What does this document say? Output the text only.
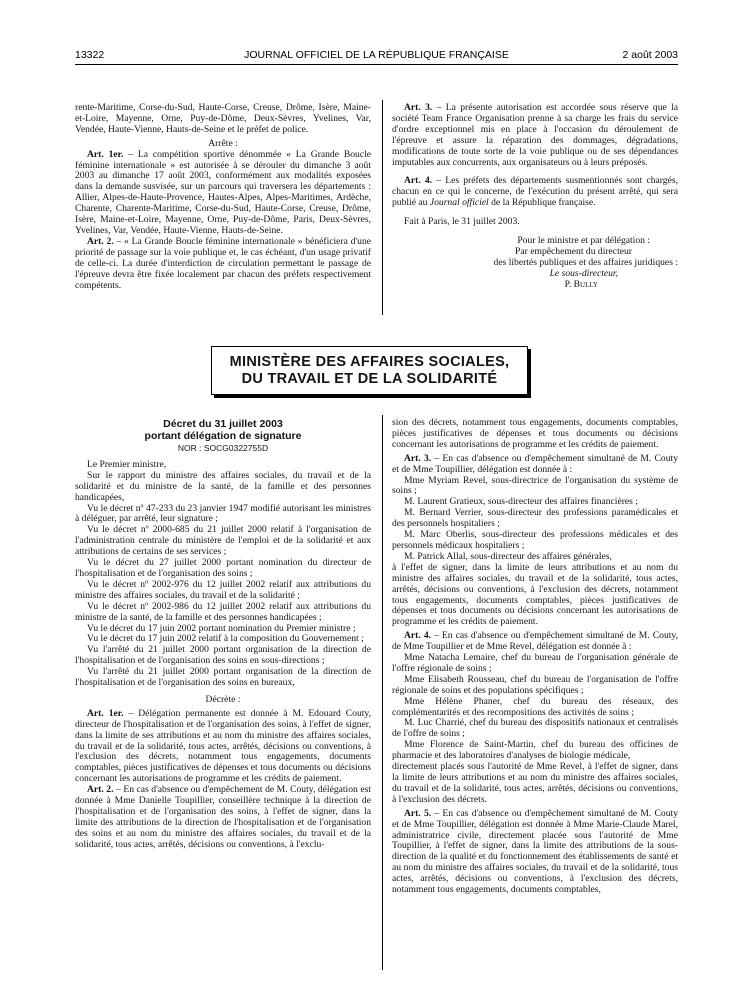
13322	JOURNAL OFFICIEL DE LA RÉPUBLIQUE FRANÇAISE	2 août 2003

rente-Maritime, Corse-du-Sud, Haute-Corse, Creuse, Drôme, Isère, Maine-et-Loire, Mayenne, Orne, Puy-de-Dôme, Deux-Sèvres, Yvelines, Var, Vendée, Haute-Vienne, Hauts-de-Seine et le préfet de police.

Arrête :

Art. 1er. – La compétition sportive dénommée « La Grande Boucle féminine internationale » est autorisée à se dérouler du dimanche 3 août 2003 au dimanche 17 août 2003, conformément aux modalités exposées dans la demande susvisée, sur un parcours qui traversera les départements : Allier, Alpes-de-Haute-Provence, Hautes-Alpes, Alpes-Maritimes, Ardèche, Charente, Charente-Maritime, Corse-du-Sud, Haute-Corse, Creuse, Drôme, Isère, Maine-et-Loire, Mayenne, Orne, Puy-de-Dôme, Paris, Deux-Sèvres, Yvelines, Var, Vendée, Haute-Vienne, Hauts-de-Seine.

Art. 2. – « La Grande Boucle féminine internationale » bénéficiera d'une priorité de passage sur la voie publique et, le cas échéant, d'un usage privatif de celle-ci. La durée d'interdiction de circulation permettant le passage de l'épreuve devra être fixée localement par chacun des préfets respectivement compétents.

Art. 3. – La présente autorisation est accordée sous réserve que la société Team France Organisation prenne à sa charge les frais du service d'ordre exceptionnel mis en place à l'occasion du déroulement de l'épreuve et assure la réparation des dommages, dégradations, modifications de toute sorte de la voie publique ou de ses dépendances imputables aux concurrents, aux organisateurs ou à leurs préposés.

Art. 4. – Les préfets des départements susmentionnés sont chargés, chacun en ce qui le concerne, de l'exécution du présent arrêté, qui sera publié au Journal officiel de la République française.

Fait à Paris, le 31 juillet 2003.

Pour le ministre et par délégation :

Par empêchement du directeur

des libertés publiques et des affaires juridiques :

Le sous-directeur,

P. Bully

MINISTÈRE DES AFFAIRES SOCIALES,
DU TRAVAIL ET DE LA SOLIDARITÉ
Décret du 31 juillet 2003
portant délégation de signature
NOR : SOCG0322755D

Le Premier ministre,

Sur le rapport du ministre des affaires sociales, du travail et de la solidarité et du ministre de la santé, de la famille et des personnes handicapées,

Vu le décret nº 47-233 du 23 janvier 1947 modifié autorisant les ministres à déléguer, par arrêté, leur signature ;

Vu le décret nº 2000-685 du 21 juillet 2000 relatif à l'organisation de l'administration centrale du ministère de l'emploi et de la solidarité et aux attributions de certains de ses services ;

Vu le décret du 27 juillet 2000 portant nomination du directeur de l'hospitalisation et de l'organisation des soins ;

Vu le décret nº 2002-976 du 12 juillet 2002 relatif aux attributions du ministre des affaires sociales, du travail et de la solidarité ;

Vu le décret nº 2002-986 du 12 juillet 2002 relatif aux attributions du ministre de la santé, de la famille et des personnes handicapées ;

Vu le décret du 17 juin 2002 portant nomination du Premier ministre ;

Vu le décret du 17 juin 2002 relatif à la composition du Gouvernement ;

Vu l'arrêté du 21 juillet 2000 portant organisation de la direction de l'hospitalisation et de l'organisation des soins en sous-directions ;

Vu l'arrêté du 21 juillet 2000 portant organisation de la direction de l'hospitalisation et de l'organisation des soins en bureaux,

Décrète :

Art. 1er. – Délégation permanente est donnée à M. Edouard Couty, directeur de l'hospitalisation et de l'organisation des soins, à l'effet de signer, dans la limite de ses attributions et au nom du ministre des affaires sociales, du travail et de la solidarité, tous actes, arrêtés, décisions ou conventions, à l'exclusion des décrets, notamment tous engagements, documents comptables, pièces justificatives de dépenses et tous documents ou décisions concernant les autorisations de programme et les crédits de paiement.

Art. 2. – En cas d'absence ou d'empêchement de M. Couty, délégation est donnée à Mme Danielle Toupillier, conseillère technique à la direction de l'hospitalisation et de l'organisation des soins, à l'effet de signer, dans la limite des attributions de la direction de l'hospitalisation et de l'organisation des soins et au nom du ministre des affaires sociales, du travail et de la solidarité, tous actes, arrêtés, décisions ou conventions, à l'exclu-

sion des décrets, notamment tous engagements, documents comptables, pièces justificatives de dépenses et tous documents ou décisions concernant les autorisations de programme et les crédits de paiement.

Art. 3. – En cas d'absence ou d'empêchement simultané de M. Couty et de Mme Toupillier, délégation est donnée à :

Mme Myriam Revel, sous-directrice de l'organisation du système de soins ;

M. Laurent Gratieux, sous-directeur des affaires financières ;

M. Bernard Verrier, sous-directeur des professions paramédicales et des personnels hospitaliers ;

M. Marc Oberlis, sous-directeur des professions médicales et des personnels médicaux hospitaliers ;

M. Patrick Allal, sous-directeur des affaires générales,

à l'effet de signer, dans la limite de leurs attributions et au nom du ministre des affaires sociales, du travail et de la solidarité, tous actes, arrêtés, décisions ou conventions, à l'exclusion des décrets, notamment tous engagements, documents comptables, pièces justificatives de dépenses et tous documents ou décisions concernant les autorisations de programme et les crédits de paiement.

Art. 4. – En cas d'absence ou d'empêchement simultané de M. Couty, de Mme Toupillier et de Mme Revel, délégation est donnée à :

Mme Natacha Lemaire, chef du bureau de l'organisation générale de l'offre régionale de soins ;

Mme Elisabeth Rousseau, chef du bureau de l'organisation de l'offre régionale de soins et des populations spécifiques ;

Mme Hélène Phaner, chef du bureau des réseaux, des complémentarités et des recompositions des activités de soins ;

M. Luc Charrié, chef du bureau des dispositifs nationaux et centralisés de l'offre de soins ;

Mme Florence de Saint-Martin, chef du bureau des officines de pharmacie et des laboratoires d'analyses de biologie médicale,

directement placés sous l'autorité de Mme Revel, à l'effet de signer, dans la limite de leurs attributions et au nom du ministre des affaires sociales, du travail et de la solidarité, tous actes, arrêtés, décisions ou conventions, à l'exclusion des décrets.

Art. 5. – En cas d'absence ou d'empêchement simultané de M. Couty et de Mme Toupillier, délégation est donnée à Mme Marie-Claude Marel, administratrice civile, directement placée sous l'autorité de Mme Toupillier, à l'effet de signer, dans la limite des attributions de la sous-direction de la qualité et du fonctionnement des établissements de santé et au nom du ministre des affaires sociales, du travail et de la solidarité, tous actes, arrêtés, décisions ou conventions, à l'exclusion des décrets, notamment tous engagements, documents comptables,
